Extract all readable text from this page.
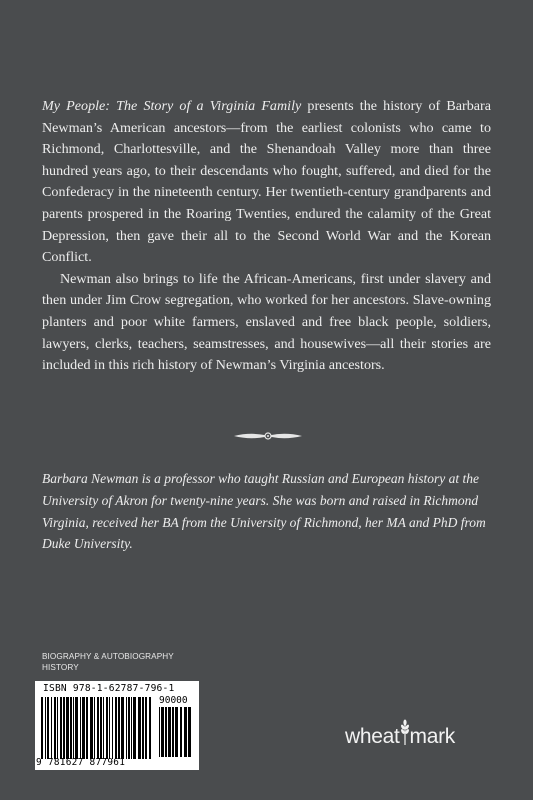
My People: The Story of a Virginia Family presents the history of Barbara Newman’s American ancestors—from the earliest colonists who came to Richmond, Charlottesville, and the Shenandoah Valley more than three hundred years ago, to their descendants who fought, suffered, and died for the Confederacy in the nineteenth century. Her twentieth-century grandparents and parents prospered in the Roaring Twenties, endured the calamity of the Great Depression, then gave their all to the Second World War and the Korean Conflict.

Newman also brings to life the African-Americans, first under slavery and then under Jim Crow segregation, who worked for her ancestors. Slave-owning planters and poor white farmers, enslaved and free black people, soldiers, lawyers, clerks, teachers, seamstresses, and housewives—all their stories are included in this rich history of Newman’s Virginia ancestors.

Barbara Newman is a professor who taught Russian and European history at the University of Akron for twenty-nine years. She was born and raised in Richmond Virginia, received her BA from the University of Richmond, her MA and PhD from Duke University.
BIOGRAPHY & AUTOBIOGRAPHY
HISTORY
ISBN 978-1-62787-796-1
90000
9 781627 877961
wheat mark
